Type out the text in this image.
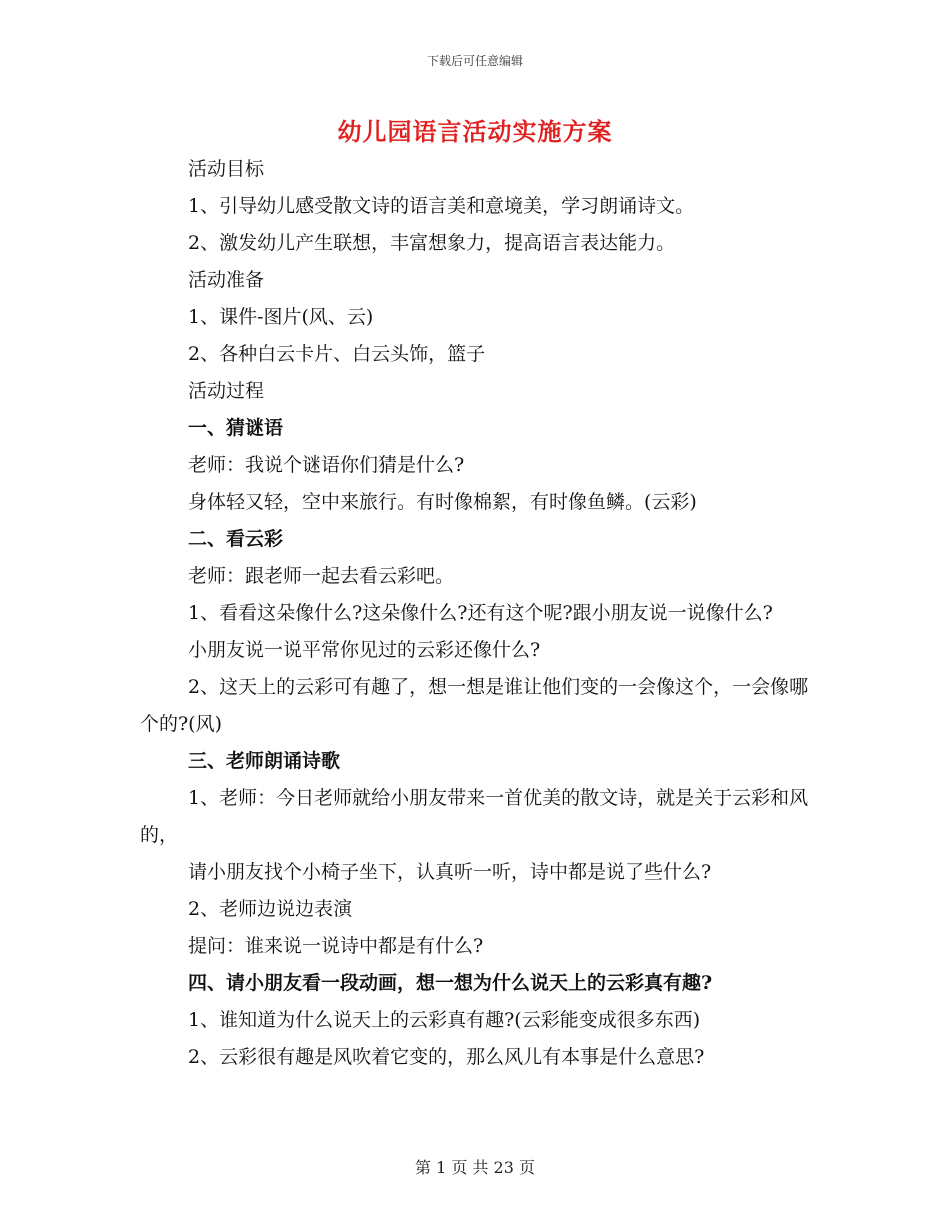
下载后可任意编辑
幼儿园语言活动实施方案

活动目标

1、引导幼儿感受散文诗的语言美和意境美，学习朗诵诗文。

2、激发幼儿产生联想，丰富想象力，提高语言表达能力。

活动准备

1、课件-图片(风、云)

2、各种白云卡片、白云头饰，篮子

活动过程

一、猜谜语

老师：我说个谜语你们猜是什么?

身体轻又轻，空中来旅行。有时像棉絮，有时像鱼鳞。(云彩)

二、看云彩

老师：跟老师一起去看云彩吧。

1、看看这朵像什么?这朵像什么?还有这个呢?跟小朋友说一说像什么?

小朋友说一说平常你见过的云彩还像什么?

2、这天上的云彩可有趣了，想一想是谁让他们变的一会像这个，一会像哪个的?(风)

三、老师朗诵诗歌

1、老师：今日老师就给小朋友带来一首优美的散文诗，就是关于云彩和风的，

请小朋友找个小椅子坐下，认真听一听，诗中都是说了些什么?

2、老师边说边表演

提问：谁来说一说诗中都是有什么?

四、请小朋友看一段动画，想一想为什么说天上的云彩真有趣?

1、谁知道为什么说天上的云彩真有趣?(云彩能变成很多东西)

2、云彩很有趣是风吹着它变的，那么风儿有本事是什么意思?

第 1 页 共 23 页
